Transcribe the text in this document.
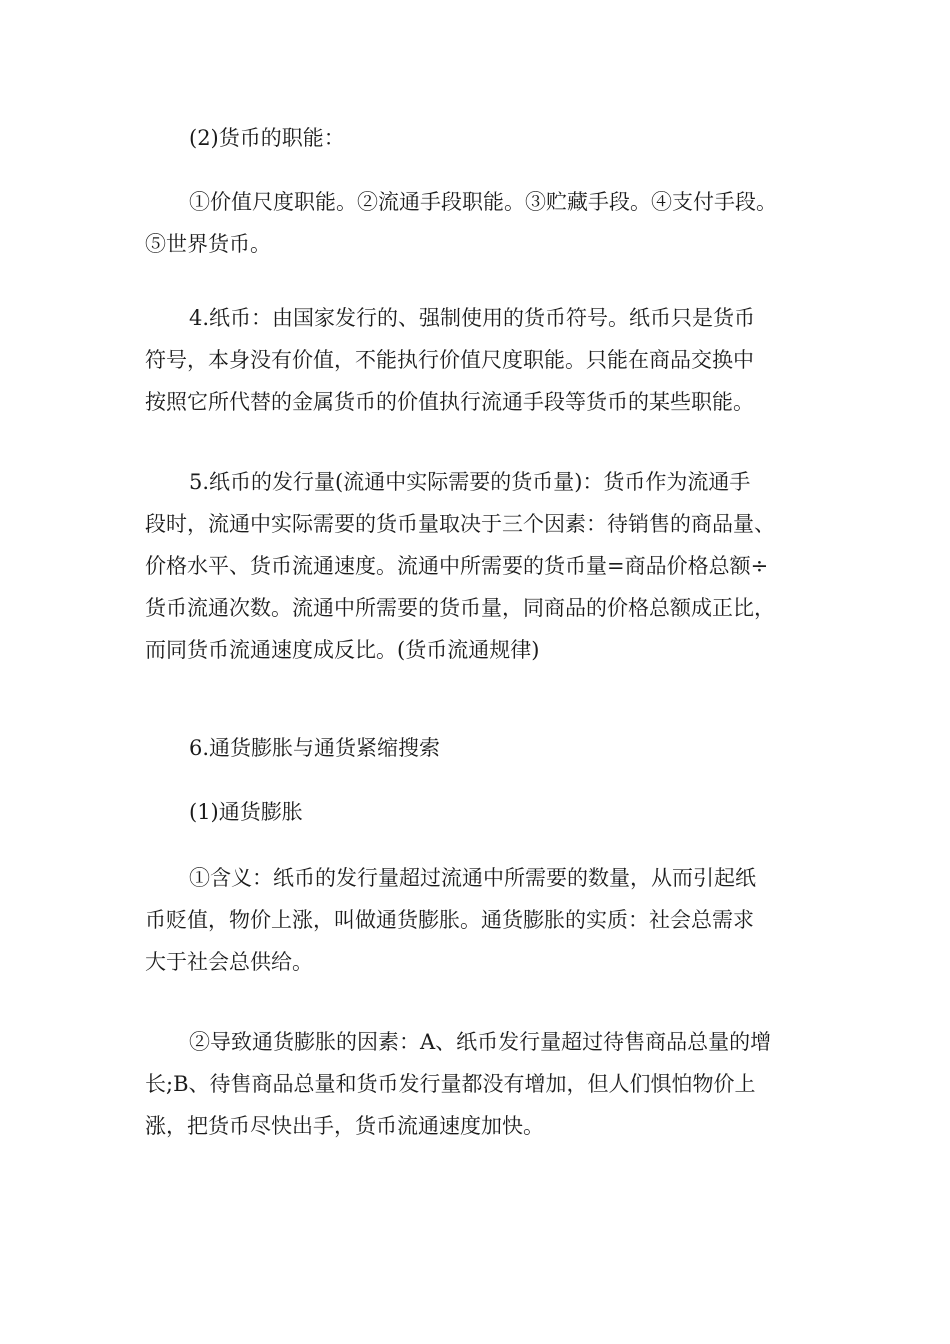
(2)货币的职能：
①价值尺度职能。②流通手段职能。③贮藏手段。④支付手段。
⑤世界货币。
4.纸币：由国家发行的、强制使用的货币符号。纸币只是货币
符号，本身没有价值，不能执行价值尺度职能。只能在商品交换中
按照它所代替的金属货币的价值执行流通手段等货币的某些职能。
5.纸币的发行量(流通中实际需要的货币量)：货币作为流通手
段时，流通中实际需要的货币量取决于三个因素：待销售的商品量、
价格水平、货币流通速度。流通中所需要的货币量=商品价格总额÷
货币流通次数。流通中所需要的货币量，同商品的价格总额成正比，
而同货币流通速度成反比。(货币流通规律)
6.通货膨胀与通货紧缩搜索
(1)通货膨胀
①含义：纸币的发行量超过流通中所需要的数量，从而引起纸
币贬值，物价上涨，叫做通货膨胀。通货膨胀的实质：社会总需求
大于社会总供给。
②导致通货膨胀的因素：A、纸币发行量超过待售商品总量的增
长;B、待售商品总量和货币发行量都没有增加，但人们惧怕物价上
涨，把货币尽快出手，货币流通速度加快。
